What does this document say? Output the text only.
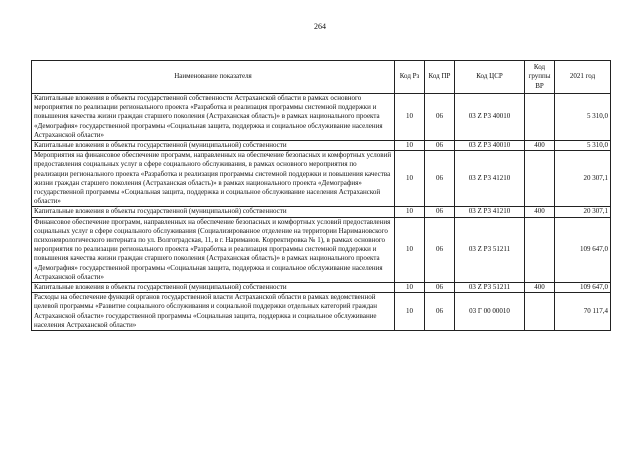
264
Наименование показателя	Код Рз	Код ПР	Код ЦСР	Код группы ВР	2021 год
Капитальные вложения в объекты государственной собственности Астраханской области в рамках основного мероприятия по реализации регионального проекта «Разработка и реализация программы системной поддержки и повышения качества жизни граждан старшего поколения (Астраханская область)» в рамках национального проекта «Демография» государственной программы «Социальная защита, поддержка и социальное обслуживание населения Астраханской области»	10	06	03 Z P3 40010		5 310,0
Капитальные вложения в объекты государственной (муниципальной) собственности	10	06	03 Z P3 40010	400	5 310,0
Мероприятия на финансовое обеспечение программ, направленных на обеспечение безопасных и комфортных условий предоставления социальных услуг в сфере социального обслуживания, в рамках основного мероприятия по реализации регионального проекта «Разработка и реализация программы системной поддержки и повышения качества жизни граждан старшего поколения (Астраханская область)» в рамках национального проекта «Демография» государственной программы «Социальная защита, поддержка и социальное обслуживание населения Астраханской области»	10	06	03 Z P3 41210		20 307,1
Капитальные вложения в объекты государственной (муниципальной) собственности	10	06	03 Z P3 41210	400	20 307,1
Финансовое обеспечение программ, направленных на обеспечение безопасных и комфортных условий предоставления социальных услуг в сфере социального обслуживания (Социализированное отделение на территории Наримановского психоневрологического интерната по ул. Волгоградская, 11, в г. Нариманов. Корректировка № 1), в рамках основного мероприятия по реализации регионального проекта «Разработка и реализация программы системной поддержки и повышения качества жизни граждан старшего поколения (Астраханская область)» в рамках национального проекта «Демография» государственной программы «Социальная защита, поддержка и социальное обслуживание населения Астраханской области»	10	06	03 Z P3 51211		109 647,0
Капитальные вложения в объекты государственной (муниципальной) собственности	10	06	03 Z P3 51211	400	109 647,0
Расходы на обеспечение функций органов государственной власти Астраханской области в рамках ведомственной целевой программы «Развитие социального обслуживания и социальной поддержки отдельных категорий граждан Астраханской области» государственной программы «Социальная защита, поддержка и социальное обслуживание населения Астраханской области»	10	06	03 Г 00 00010		70 117,4
